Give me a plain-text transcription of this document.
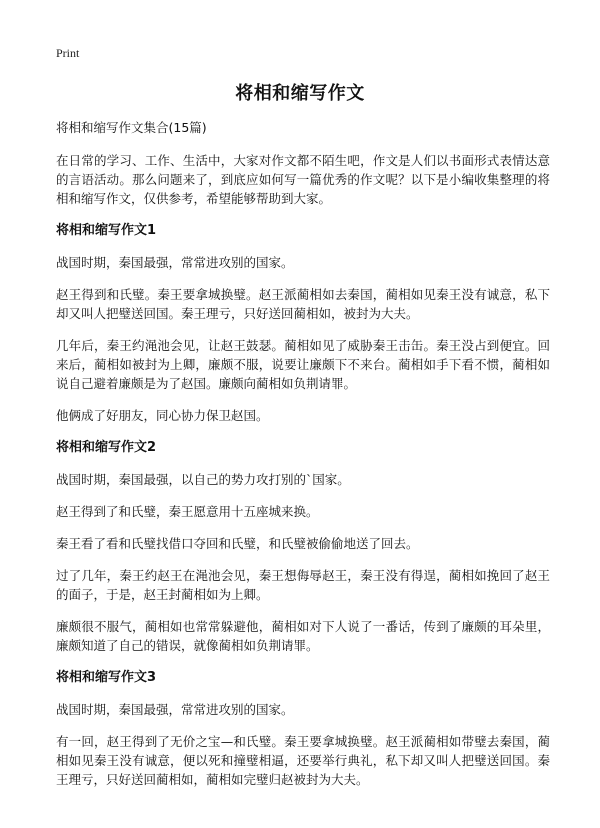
Print
将相和缩写作文

将相和缩写作文集合(15篇)

在日常的学习、工作、生活中，大家对作文都不陌生吧，作文是人们以书面形式表情达意的言语活动。那么问题来了，到底应如何写一篇优秀的作文呢？以下是小编收集整理的将相和缩写作文，仅供参考，希望能够帮助到大家。

将相和缩写作文1

战国时期，秦国最强，常常进攻别的国家。

赵王得到和氏璧。秦王要拿城换璧。赵王派蔺相如去秦国，蔺相如见秦王没有诚意，私下却又叫人把璧送回国。秦王理亏，只好送回蔺相如，被封为大夫。

几年后，秦王约渑池会见，让赵王鼓瑟。蔺相如见了威胁秦王击缶。秦王没占到便宜。回来后，蔺相如被封为上卿，廉颇不服，说要让廉颇下不来台。蔺相如手下看不惯，蔺相如说自己避着廉颇是为了赵国。廉颇向蔺相如负荆请罪。

他俩成了好朋友，同心协力保卫赵国。

将相和缩写作文2

战国时期，秦国最强，以自己的势力攻打别的`国家。

赵王得到了和氏璧，秦王愿意用十五座城来换。

秦王看了看和氏璧找借口夺回和氏璧，和氏璧被偷偷地送了回去。

过了几年，秦王约赵王在渑池会见，秦王想侮辱赵王，秦王没有得逞，蔺相如挽回了赵王的面子，于是，赵王封蔺相如为上卿。

廉颇很不服气，蔺相如也常常躲避他，蔺相如对下人说了一番话，传到了廉颇的耳朵里，廉颇知道了自己的错误，就像蔺相如负荆请罪。

将相和缩写作文3

战国时期，秦国最强，常常进攻别的国家。

有一回，赵王得到了无价之宝—和氏璧。秦王要拿城换璧。赵王派蔺相如带璧去秦国，蔺相如见秦王没有诚意，便以死和撞璧相逼，还要举行典礼，私下却又叫人把璧送回国。秦王理亏，只好送回蔺相如，蔺相如完璧归赵被封为大夫。
